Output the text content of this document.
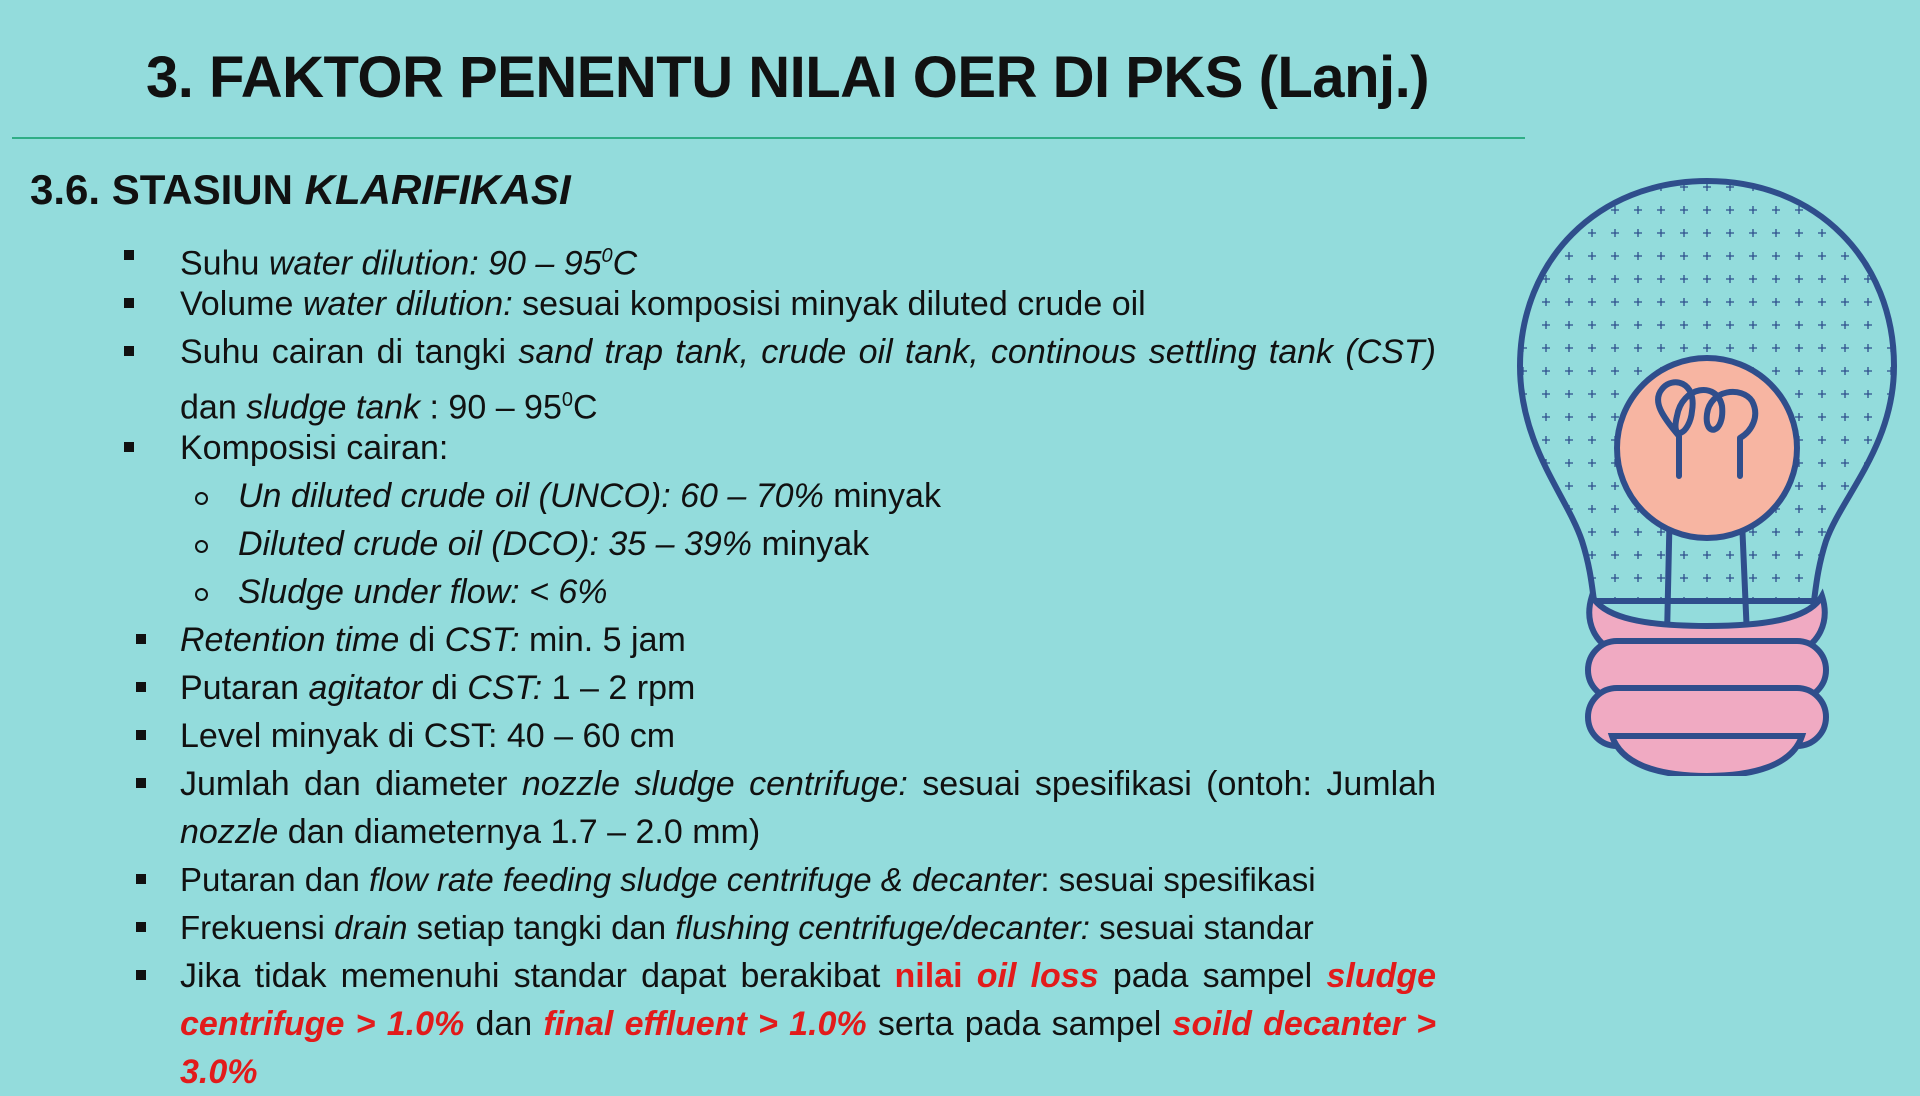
3. FAKTOR PENENTU NILAI OER DI PKS (Lanj.)
3.6. STASIUN KLARIFIKASI

Suhu water dilution: $90 - 95^0C$

Volume water dilution: sesuai komposisi minyak diluted crude oil

Suhu cairan di tangki sand trap tank, crude oil tank, continous settling tank (CST) dan sludge tank : $90 - 95^0C$

Komposisi cairan:

Un diluted crude oil (UNCO): 60 – 70% minyak

Diluted crude oil (DCO): 35 – 39% minyak

Sludge under flow: < 6%

Retention time di CST: min. 5 jam

Putaran agitator di CST: 1 – 2 rpm

Level minyak di CST: 40 – 60 cm

Jumlah dan diameter nozzle sludge centrifuge: sesuai spesifikasi (ontoh: Jumlah nozzle dan diameternya 1.7 – 2.0 mm)

Putaran dan flow rate feeding sludge centrifuge & decanter: sesuai spesifikasi

Frekuensi drain setiap tangki dan flushing centrifuge/decanter: sesuai standar

Jika tidak memenuhi standar dapat berakibat nilai oil loss pada sampel sludge centrifuge > 1.0% dan final effluent > 1.0% serta pada sampel soild decanter > 3.0%
